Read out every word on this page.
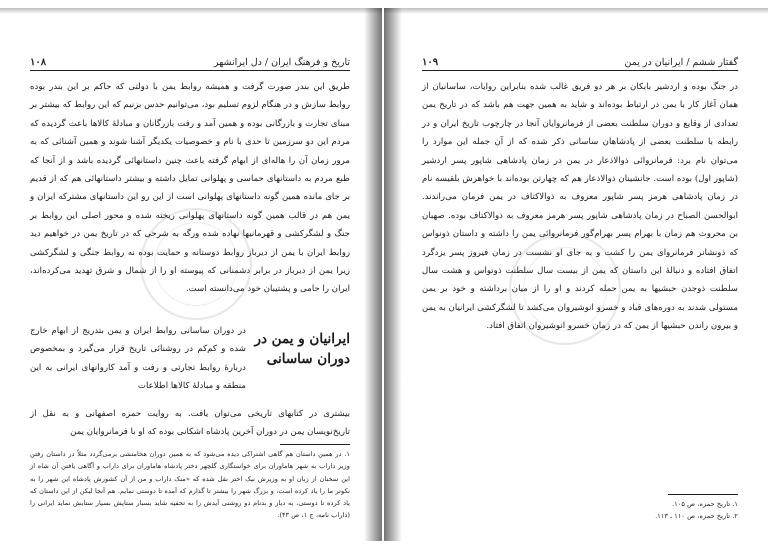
تاریخ و فرهنگ ایران / دل ایرانشهر
۱۰۸

طریق این بندر صورت گرفت و همیشه روابط یمن با دولتی که حاکم بر این بندر بوده روابط سازش و در هنگام لزوم تسلیم بود، می‌توانیم حدس بزنیم که این روابط که بیشتر بر مبنای تجارت و بازرگانی بوده و همین آمد و رفت بازرگانان و مبادلهٔ کالاها باعث گردیده که مردم این دو سرزمین تا حدی با نام و خصوصیات یکدیگر آشنا شوند و همین آشنائی که به مرور زمان آن را هاله‌ای از ابهام گرفته باعث چنین داستانهائی گردیده باشد و از آنجا که طبع مردم به داستانهای حماسی و پهلوانی تمایل داشته و بیشتر داستانهائی هم که از قدیم بر جای مانده همین گونه داستانهای پهلوانی است از این رو این داستانهای مشترکه ایران و یمن هم در قالب همین گونه داستانهای پهلوانی ریخته شده و محور اصلی این روابط بر جنگ و لشگرکشی و قهرمانیها نهاده شده ورگه به شرحی که در تاریخ یمن در خواهیم دید روابط ایران با یمن از دیرباز روابط دوستانه و حمایت بوده نه روابط جنگی و لشگرکشی زیرا یمن از دیرباز در برابر دشمنانی که پیوسته او را از شمال و شرق تهدید می‌کرده‌اند، ایران را حامی و پشتیبان خود می‌دانسته است.

ایرانیان و یمن در دوران ساسانی
در دوران ساسانی روابط ایران و یمن بتدریج از ابهام خارج شده و کم‌کم در روشنائی تاریخ قرار می‌گیرد و بمخصوص دربارهٔ روابط تجارتی و رفت و آمد کاروانهای ایرانی به این منطقه و مبادلهٔ کالاها اطلاعات

بیشتری در کتابهای تاریخی می‌توان یافت. به روایت حمزه اصفهانی و به نقل از تاریخ‌نویسان یمن در دوران آخرین پادشاه اشکانی بوده که او با فرمانروایان یمن

۱. در همین داستان هم گاهی اشتراکی دیده می‌شود که به همین دوران هخامنشی برمی‌گردد مثلاً در داستان رفتن وزیر داراب به شهر هاماوران برای خواستگاری گلچهر دختر پادشاه هاماوران برای داراب و آگاهی یافتن آن شاه از این سخنان از زبان او به وزیرش نیک اختر نقل شده که «منک داراب و من از آن کشورش پادشاه این شهر را به نکوتر ما را یاد کرده است، و بزرگ شهر را بیشتر تا گذارم که آمده تا دوستی نمایم. هم آنجا لیکن از این داستان که یاد کرده تا دوستی، به دیار و بدنام دو روشنی آیدش را به تحفیه شاید بسیار ستایش بسیار ستایش نماید ایرانی را (داراب نامه، ج ۱، ص ۴۳).

گفتار ششم / ایرانیان در یمن
۱۰۹

در جنگ بوده و اردشیر بابکان بر هر دو فریق غالب شده بنابراین روایات، ساسانیان از همان آغاز کار با یمن در ارتباط بوده‌اند و شاید به همین جهت هم باشد که در تاریخ یمن تعدادی از وقایع و دوران سلطنت بعضی از فرمانروایان آنجا در چارچوب تاریخ ایران و در رابطه با سلطنت بعضی از پادشاهان ساسانی ذکر شده که از آن جمله این موارد را می‌توان نام برد: فرمانروائی ذوالاذعار در یمن در زمان پادشاهی شاپور پسر اردشیر (شاپور اول) بوده است. جانشینان ذوالاذعار هم که چهارتن بوده‌اند با خواهرش بلقیسه نام در زمان پادشاهی هرمز پسر شاپور معروف به ذوالاکتاف در یمن فرمان می‌راندند. ابوالحسن الصباح در زمان پادشاهی شاپور پسر هرمز معروف به ذوالاکتاف بوده. صهبان بن محروث هم زمان با بهرام پسر بهرام‌گور فرمانروائی یمن را داشته و داستان ذونواس که ذونشانر فرمانروای یمن را کشت و به جای او نشست در زمان فیروز پسر یزدگرد اتفاق افتاده و دنبالهٔ این داستان که یمن از بیست سال سلطنت ذونواس و هشت سال سلطنت ذوجدن حبشیها به یمن حمله کردند و او را از میان برداشته و خود بر یمن مستولی شدند به دوره‌های قباد و خسرو انوشیروان می‌کشد تا لشگرکشی ایرانیان به یمن و بیرون راندن حبشیها از یمن که در زمان خسرو انوشیروان اتفاق افتاد.

۱. تاریخ حمزه، ص ۱۰۵.

۲. تاریخ حمزه، ص ۱۱۰ ـ ۱۱۳.
